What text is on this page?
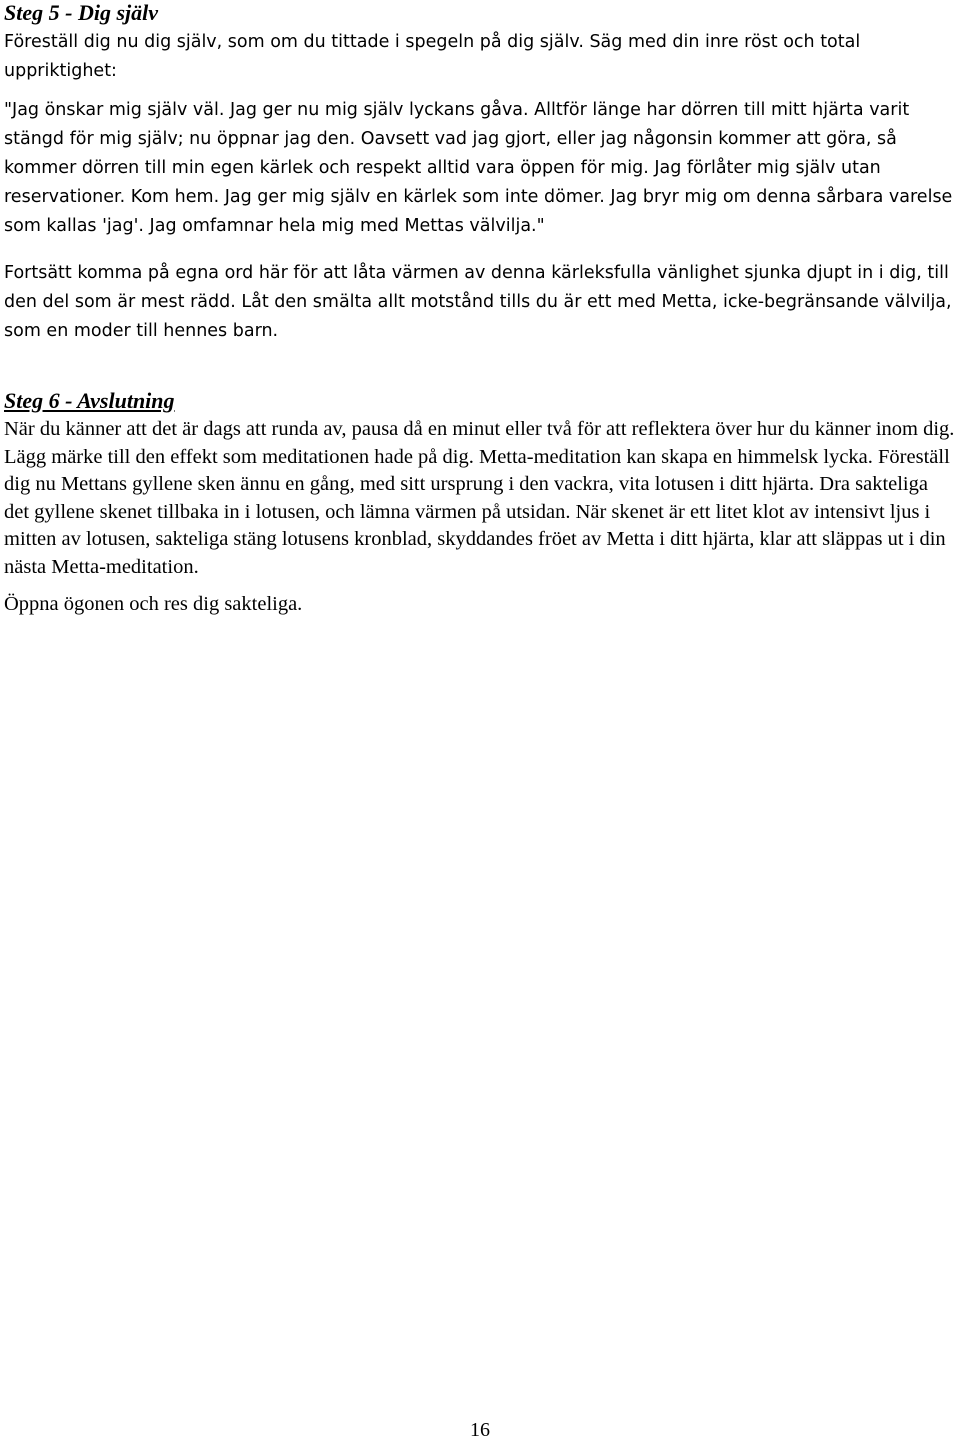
Steg 5 - Dig själv

Föreställ dig nu dig själv, som om du tittade i spegeln på dig själv. Säg med din inre röst och total uppriktighet:

"Jag önskar mig själv väl. Jag ger nu mig själv lyckans gåva. Alltför länge har dörren till mitt hjärta varit stängd för mig själv; nu öppnar jag den. Oavsett vad jag gjort, eller jag någonsin kommer att göra, så kommer dörren till min egen kärlek och respekt alltid vara öppen för mig. Jag förlåter mig själv utan reservationer. Kom hem. Jag ger mig själv en kärlek som inte dömer. Jag bryr mig om denna sårbara varelse som kallas 'jag'. Jag omfamnar hela mig med Mettas välvilja."

Fortsätt komma på egna ord här för att låta värmen av denna kärleksfulla vänlighet sjunka djupt in i dig, till den del som är mest rädd. Låt den smälta allt motstånd tills du är ett med Metta, icke-begränsande välvilja, som en moder till hennes barn.

Steg 6 - Avslutning

När du känner att det är dags att runda av, pausa då en minut eller två för att reflektera över hur du känner inom dig. Lägg märke till den effekt som meditationen hade på dig. Metta-meditation kan skapa en himmelsk lycka. Föreställ dig nu Mettans gyllene sken ännu en gång, med sitt ursprung i den vackra, vita lotusen i ditt hjärta. Dra sakteligа det gyllene skenet tillbaka in i lotusen, och lämna värmen på utsidan. När skenet är ett litet klot av intensivt ljus i mitten av lotusen, sakteliga stäng lotusens kronblad, skyddandes fröet av Metta i ditt hjärta, klar att släppas ut i din nästa Metta-meditation.

Öppna ögonen och res dig sakteliga.

16
